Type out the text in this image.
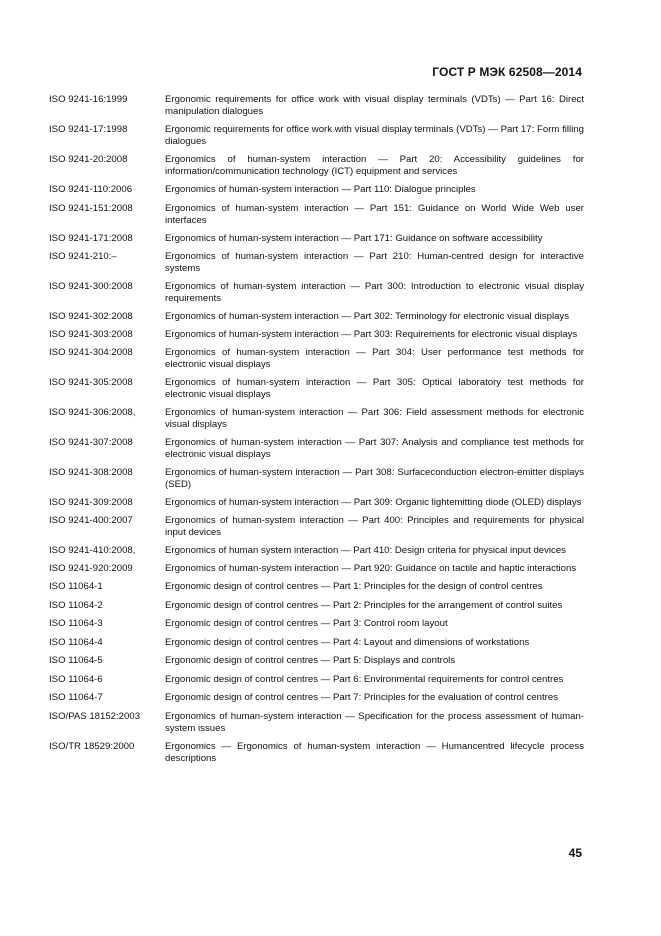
ГОСТ Р МЭК 62508—2014
ISO 9241-16:1999	Ergonomic requirements for office work with visual display terminals (VDTs) — Part 16: Direct manipulation dialogues
ISO 9241-17:1998	Ergonomic requirements for office work with visual display terminals (VDTs) — Part 17: Form filling dialogues
ISO 9241-20:2008	Ergonomics of human-system interaction — Part 20: Accessibility guidelines for information/communication technology (ICT) equipment and services
ISO 9241-110:2006	Ergonomics of human-system interaction — Part 110: Dialogue principles
ISO 9241-151:2008	Ergonomics of human-system interaction — Part 151: Guidance on World Wide Web user interfaces
ISO 9241-171:2008	Ergonomics of human-system interaction — Part 171: Guidance on software accessibility
ISO 9241-210:–	Ergonomics of human-system interaction — Part 210: Human-centred design for interactive systems
ISO 9241-300:2008	Ergonomics of human-system interaction — Part 300: Introduction to electronic visual display requirements
ISO 9241-302:2008	Ergonomics of human-system interaction — Part 302: Terminology for electronic visual displays
ISO 9241-303:2008	Ergonomics of human-system interaction — Part 303: Requirements for electronic visual displays
ISO 9241-304:2008	Ergonomics of human-system interaction — Part 304: User performance test methods for electronic visual displays
ISO 9241-305:2008	Ergonomics of human-system interaction — Part 305: Optical laboratory test methods for electronic visual displays
ISO 9241-306:2008,	Ergonomics of human-system interaction — Part 306: Field assessment methods for electronic visual displays
ISO 9241-307:2008	Ergonomics of human-system interaction — Part 307: Analysis and compliance test methods for electronic visual displays
ISO 9241-308:2008	Ergonomics of human-system interaction — Part 308: Surfaceconduction electron-emitter displays (SED)
ISO 9241-309:2008	Ergonomics of human-system interaction — Part 309: Organic lightemitting diode (OLED) displays
ISO 9241-400:2007	Ergonomics of human-system interaction — Part 400: Principles and requirements for physical input devices
ISO 9241-410:2008,	Ergonomics of human system interaction — Part 410: Design criteria for physical input devices
ISO 9241-920:2009	Ergonomics of human-system interaction — Part 920: Guidance on tactile and haptic interactions
ISO 11064-1	Ergonomic design of control centres — Part 1: Principles for the design of control centres
ISO 11064-2	Ergonomic design of control centres — Part 2: Principles for the arrangement of control suites
ISO 11064-3	Ergonomic design of control centres — Part 3: Control room layout
ISO 11064-4	Ergonomic design of control centres — Part 4: Layout and dimensions of workstations
ISO 11064-5	Ergonomic design of control centres — Part 5: Displays and controls
ISO 11064-6	Ergonomic design of control centres — Part 6: Environmental requirements for control centres
ISO 11064-7	Ergonomic design of control centres — Part 7: Principles for the evaluation of control centres
ISO/PAS 18152:2003	Ergonomics of human-system interaction — Specification for the process assessment of human-system issues
ISO/TR 18529:2000	Ergonomics — Ergonomics of human-system interaction — Humancentred lifecycle process descriptions
45
